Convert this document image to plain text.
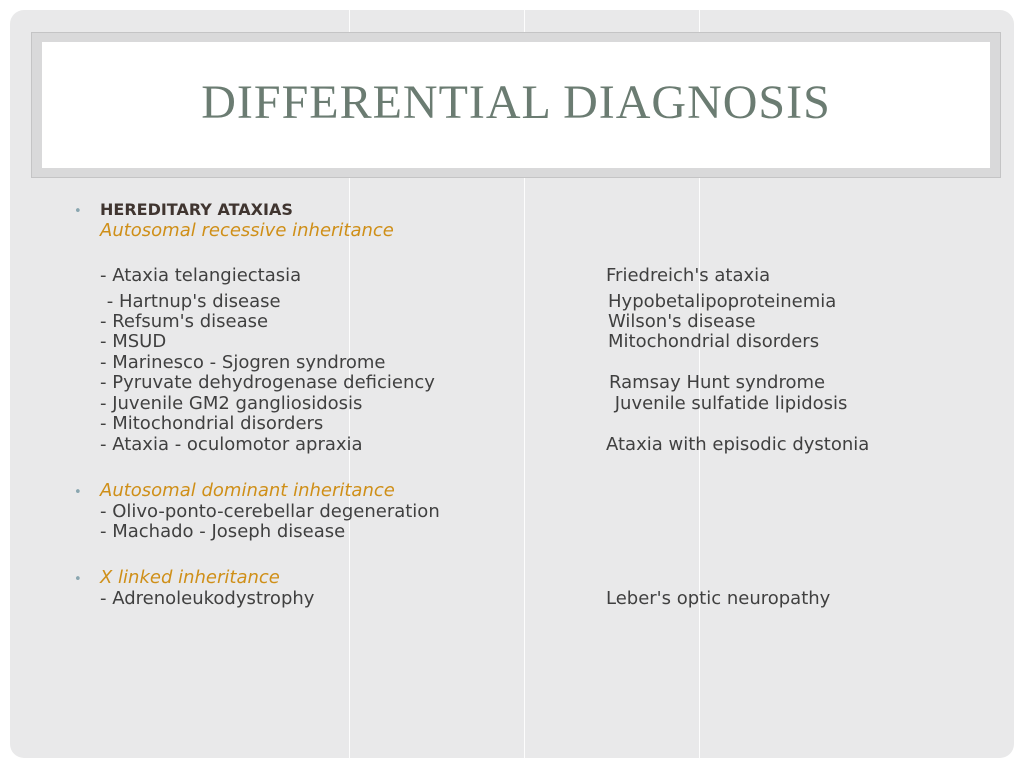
DIFFERENTIAL DIAGNOSIS
• HEREDITARY ATAXIAS
Autosomal recessive inheritance
- Ataxia telangiectasia
- Hartnup's disease
- Refsum's disease
- MSUD
- Marinesco - Sjogren syndrome
- Pyruvate dehydrogenase deficiency
- Juvenile GM2 gangliosidosis
- Mitochondrial disorders
- Ataxia - oculomotor apraxia
Friedreich's ataxia
Hypobetalipoproteinemia
Wilson's disease
Mitochondrial disorders
Ramsay Hunt syndrome
Juvenile sulfatide lipidosis
Ataxia with episodic dystonia
• Autosomal dominant inheritance
- Olivo-ponto-cerebellar degeneration
- Machado - Joseph disease
• X linked inheritance
- Adrenoleukodystrophy	Leber's optic neuropathy
